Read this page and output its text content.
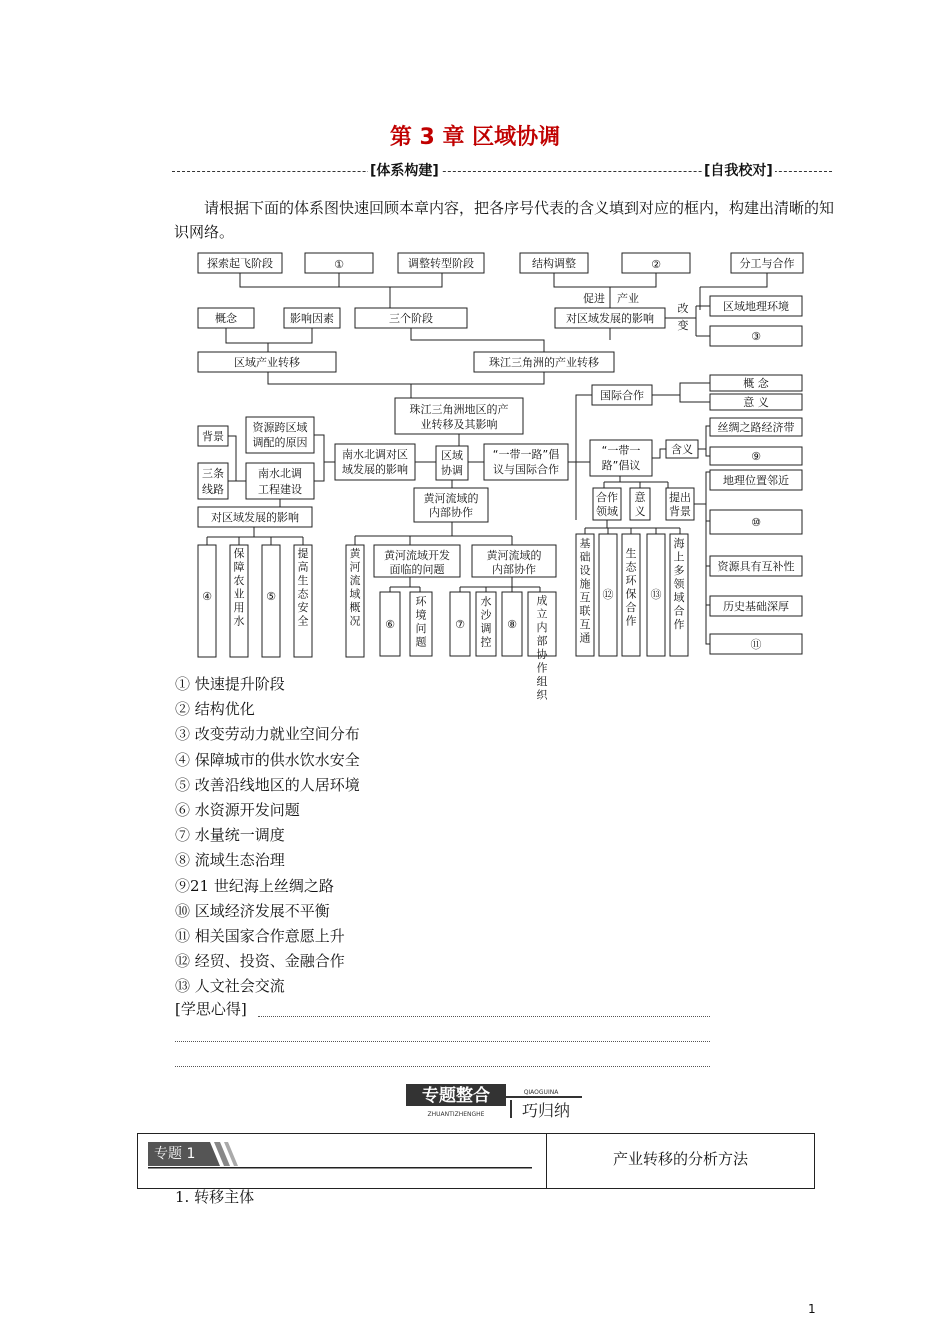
第 3 章 区域协调
[体系构建]	[自我校对]
请根据下面的体系图快速回顾本章内容，把各序号代表的含义填到对应的框内，构建出清晰的知识网络。
探索起飞阶段	①	调整转型阶段	结构调整	②	分工与合作
概念	影响因素	三个阶段
促进 产业
对区域发展的影响
改
变
区域地理环境
③
区域产业转移	珠江三角洲的产业转移
国际合作
概 念
意 义
珠江三角洲地区的产
业转移及其影响
背景
资源跨区域
调配的原因
南水北调对区
域发展的影响
区域
协调
“一带一路”倡
议与国际合作
“一带一
路”倡议
含义
丝绸之路经济带
⑨
三条
线路
南水北调
工程建设
黄河流域的
内部协作
合作
领域
意
义
提出
背景
地理位置邻近
对区域发展的影响	⑩
黄河流域开发
面临的问题
黄河流域的
内部协作	资源具有互补性
历史基础深厚
⑪
④
保障农业用水
⑤
提高生态安全
黄河流域概况 ⑥
环境问题
⑦
水沙调控
⑧
成立内部协作组织
基础设施互联互通
⑫
生态环保合作
⑬
海上多领域合作
① 快速提升阶段
② 结构优化
③ 改变劳动力就业空间分布
④ 保障城市的供水饮水安全
⑤ 改善沿线地区的人居环境
⑥ 水资源开发问题
⑦ 水量统一调度
⑧ 流域生态治理
⑨21 世纪海上丝绸之路
⑩ 区域经济发展不平衡
⑪ 相关国家合作意愿上升
⑫ 经贸、投资、金融合作
⑬ 人文社会交流
[学思心得]
专题整合	QIAOGUINA
ZHUANTIZHENGHE 巧归纳
专题 1	产业转移的分析方法
1. 转移主体
1
